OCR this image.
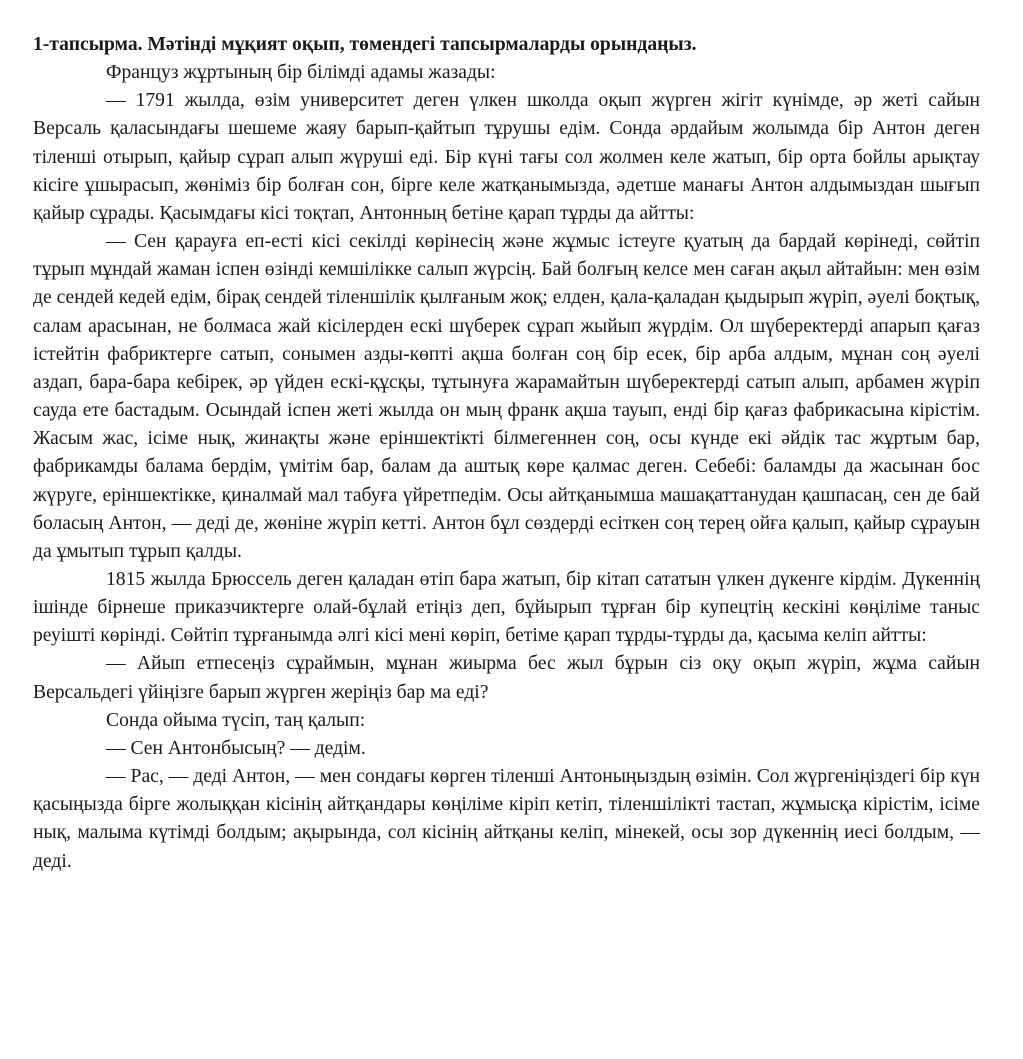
1-тапсырма. Мәтінді мұқият оқып, төмендегі тапсырмаларды орындаңыз.

Француз жұртының бір білімді адамы жазады:

— 1791 жылда, өзім университет деген үлкен школда оқып жүрген жігіт күнімде, әр жеті сайын Версаль қаласындағы шешеме жаяу барып-қайтып тұрушы едім. Сонда әрдайым жолымда бір Антон деген тіленші отырып, қайыр сұрап алып жүруші еді. Бір күні тағы сол жолмен келе жатып, бір орта бойлы арықтау кісіге ұшырасып, жөніміз бір болған сон, бірге келе жатқанымызда, әдетше манағы Антон алдымыздан шығып қайыр сұрады. Қасымдағы кісі тоқтап, Антонның бетіне қарап тұрды да айтты:

— Сен қарауға еп-есті кісі секілді көрінесің және жұмыс істеуге қуатың да бардай көрінеді, сөйтіп тұрып мұндай жаман іспен өзінді кемшілікке салып жүрсің. Бай болғың келсе мен саған ақыл айтайын: мен өзім де сендей кедей едім, бірақ сендей тіленшілік қылғаным жоқ; елден, қала-қаладан қыдырып жүріп, әуелі боқтық, салам арасынан, не болмаса жай кісілерден ескі шүберек сұрап жыйып жүрдім. Ол шүберектерді апарып қағаз істейтін фабриктерге сатып, сонымен азды-көпті ақша болған соң бір есек, бір арба алдым, мұнан соң әуелі аздап, бара-бара кебірек, әр үйден ескі-құсқы, тұтынуға жарамайтын шүберектерді сатып алып, арбамен жүріп сауда ете бастадым. Осындай іспен жеті жылда он мың франк ақша тауып, енді бір қағаз фабрикасына кірістім. Жасым жас, ісіме нық, жинақты және еріншектікті білмегеннен соң, осы күнде екі әйдік тас жұртым бар, фабрикамды балама бердім, үмітім бар, балам да аштық көре қалмас деген. Себебі: баламды да жасынан бос жүруге, еріншектікке, қиналмай мал табуға үйретпедім. Осы айтқанымша машақаттанудан қашпасаң, сен де бай боласың Антон, — деді де, жөніне жүріп кетті. Антон бұл сөздерді есіткен соң терең ойға қалып, қайыр сұрауын да ұмытып тұрып қалды.

1815 жылда Брюссель деген қаладан өтіп бара жатып, бір кітап сататын үлкен дүкенге кірдім. Дүкеннің ішінде бірнеше приказчиктерге олай-бұлай етіңіз деп, бұйырып тұрған бір купецтің кескіні көңіліме таныс реуішті көрінді. Сөйтіп тұрғанымда әлгі кісі мені көріп, бетіме қарап тұрды-тұрды да, қасыма келіп айтты:

— Айып етпесеңіз сұраймын, мұнан жиырма бес жыл бұрын сіз оқу оқып жүріп, жұма сайын Версальдегі үйіңізге барып жүрген жеріңіз бар ма еді?

Сонда ойыма түсіп, таң қалып:

— Сен Антонбысың? — дедім.

— Рас, — деді Антон, — мен сондағы көрген тіленші Антоныңыздың өзімін. Сол жүргеніңіздегі бір күн қасыңызда бірге жолыққан кісінің айтқандары көңіліме кіріп кетіп, тіленшілікті тастап, жұмысқа кірістім, ісіме нық, малыма күтімді болдым; ақырында, сол кісінің айтқаны келіп, мінекей, осы зор дүкеннің иесі болдым, — деді.
